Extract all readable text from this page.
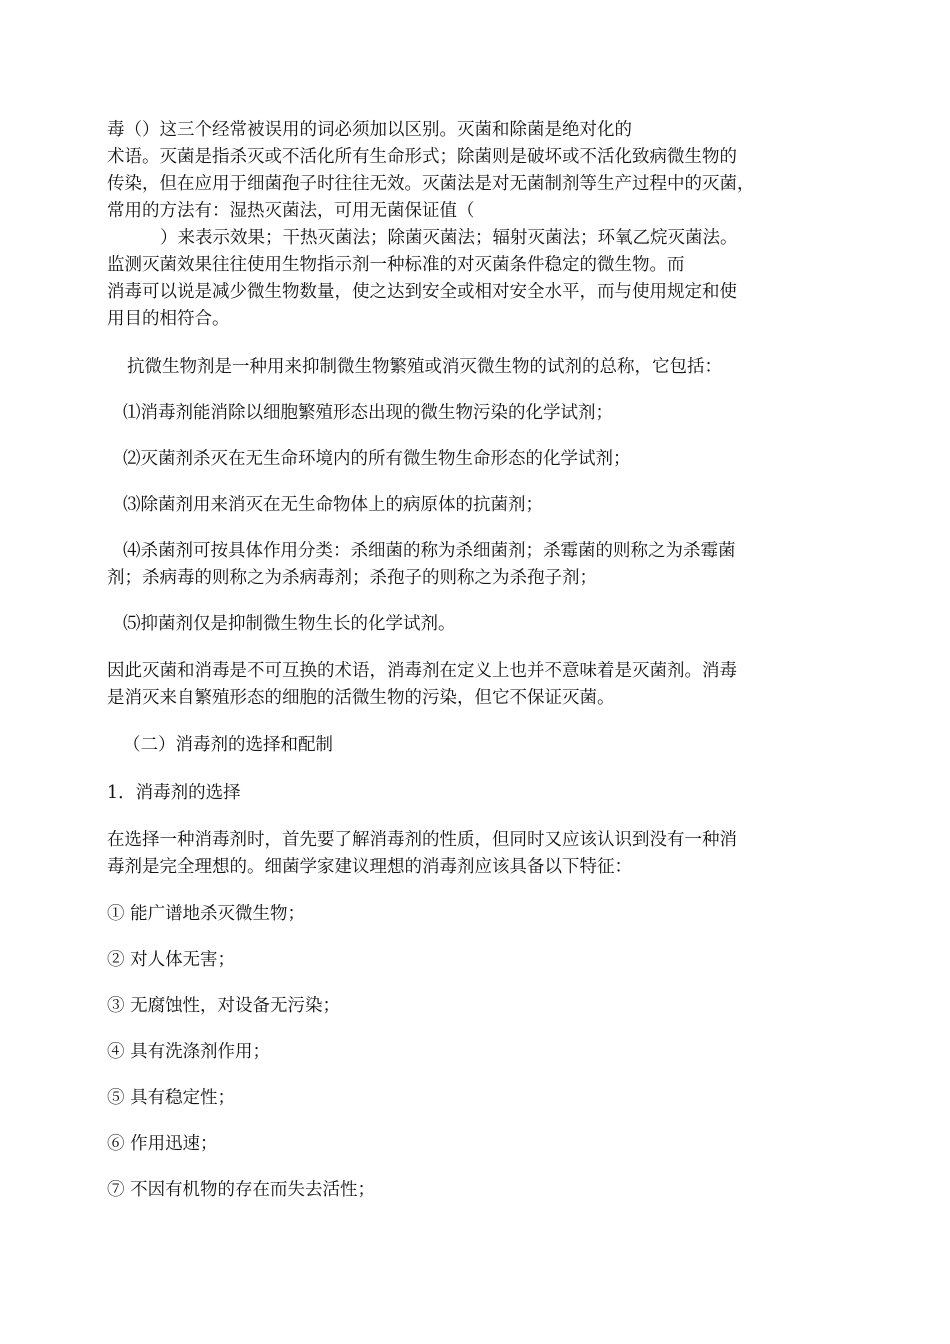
毒（）这三个经常被误用的词必须加以区别。灭菌和除菌是绝对化的
术语。灭菌是指杀灭或不活化所有生命形式；除菌则是破坏或不活化致病微生物的
传染，但在应用于细菌孢子时往往无效。灭菌法是对无菌制剂等生产过程中的灭菌，
常用的方法有：湿热灭菌法，可用无菌保证值（
）来表示效果；干热灭菌法；除菌灭菌法；辐射灭菌法；环氧乙烷灭菌法。
监测灭菌效果往往使用生物指示剂一种标准的对灭菌条件稳定的微生物。而
消毒可以说是减少微生物数量，使之达到安全或相对安全水平，而与使用规定和使
用目的相符合。
抗微生物剂是一种用来抑制微生物繁殖或消灭微生物的试剂的总称，它包括：
⑴消毒剂能消除以细胞繁殖形态出现的微生物污染的化学试剂；
⑵灭菌剂杀灭在无生命环境内的所有微生物生命形态的化学试剂；
⑶除菌剂用来消灭在无生命物体上的病原体的抗菌剂；
⑷杀菌剂可按具体作用分类：杀细菌的称为杀细菌剂；杀霉菌的则称之为杀霉菌
剂；杀病毒的则称之为杀病毒剂；杀孢子的则称之为杀孢子剂；
⑸抑菌剂仅是抑制微生物生长的化学试剂。
因此灭菌和消毒是不可互换的术语，消毒剂在定义上也并不意味着是灭菌剂。消毒
是消灭来自繁殖形态的细胞的活微生物的污染，但它不保证灭菌。
（二）消毒剂的选择和配制
1．消毒剂的选择
在选择一种消毒剂时，首先要了解消毒剂的性质，但同时又应该认识到没有一种消
毒剂是完全理想的。细菌学家建议理想的消毒剂应该具备以下特征：
① 能广谱地杀灭微生物；
② 对人体无害；
③ 无腐蚀性，对设备无污染；
④ 具有洗涤剂作用；
⑤ 具有稳定性；
⑥ 作用迅速；
⑦ 不因有机物的存在而失去活性；
